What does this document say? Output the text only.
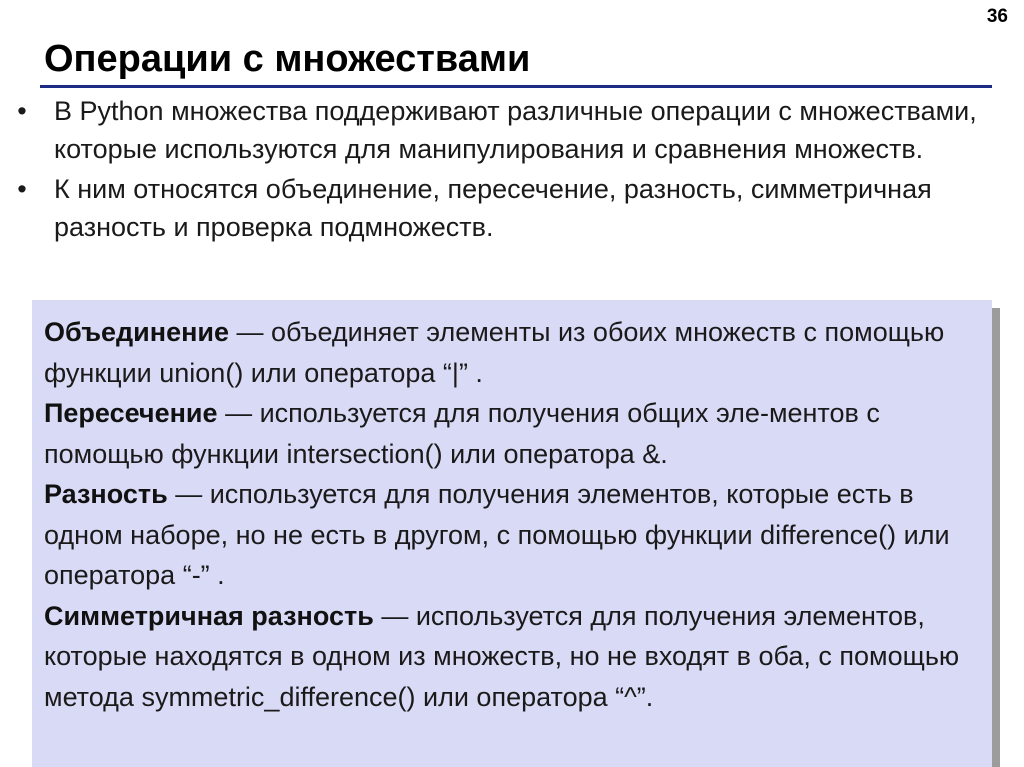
36
Операции с множествами
• В Python множества поддерживают различные операции с множествами, которые используются для манипулирования и сравнения множеств.
• К ним относятся объединение, пересечение, разность, симметричная разность и проверка подмножеств.

Объединение — объединяет элементы из обоих множеств с помощью функции union() или оператора “|” .

Пересечение — используется для получения общих эле-ментов с помощью функции intersection() или оператора &.

Разность — используется для получения элементов, которые есть в одном наборе, но не есть в другом, с помощью функции difference() или оператора “-” .

Симметричная разность — используется для получения элементов, которые находятся в одном из множеств, но не входят в оба, с помощью метода symmetric_difference() или оператора “^”.
